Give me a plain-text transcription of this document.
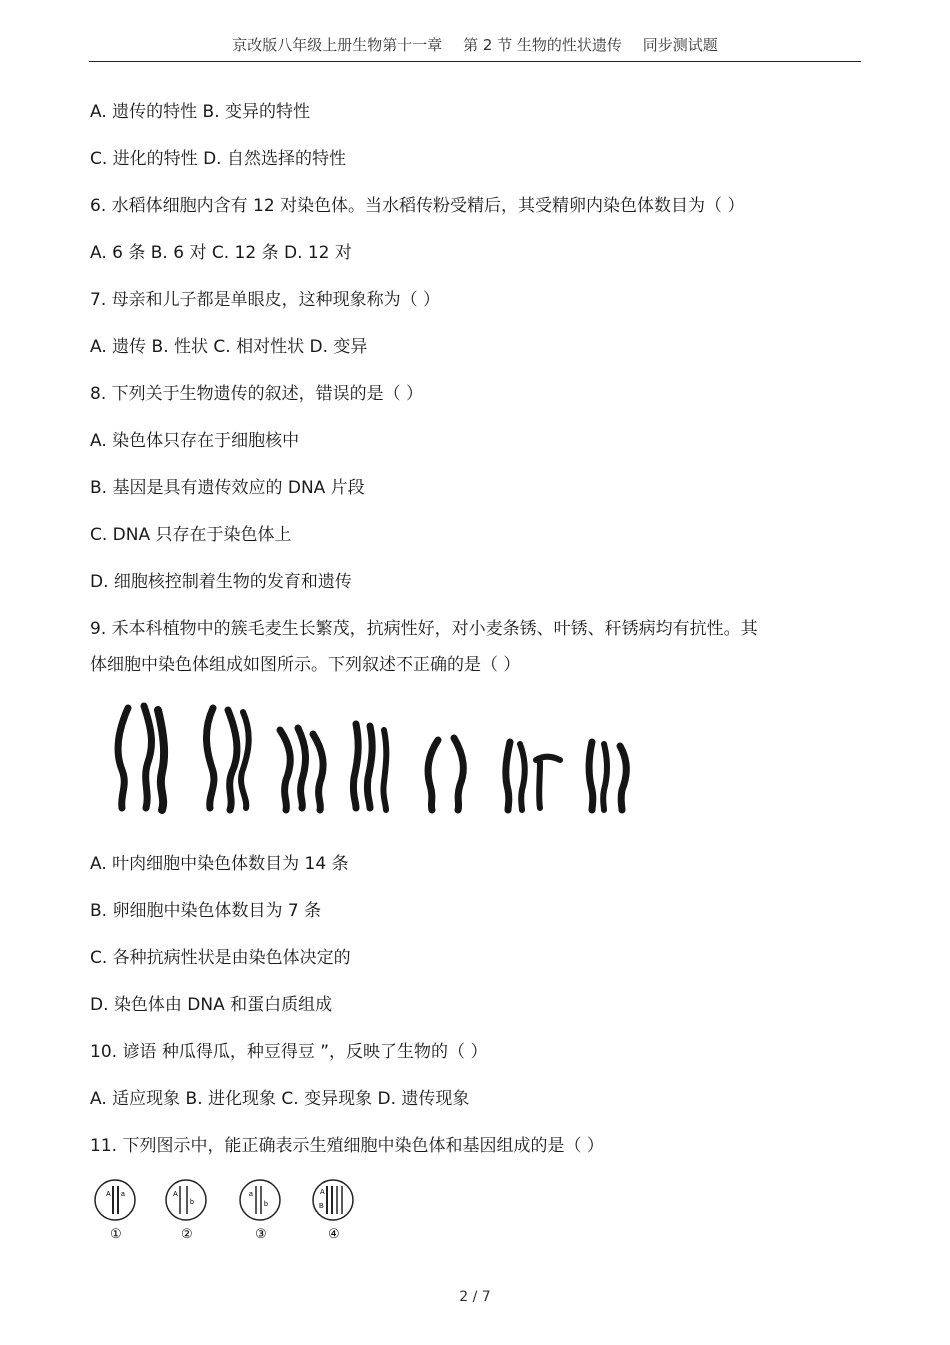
京改版八年级上册生物第十一章 第 2 节 生物的性状遗传 同步测试题
A. 遗传的特性 B. 变异的特性
C. 进化的特性 D. 自然选择的特性
6. 水稻体细胞内含有 12 对染色体。当水稻传粉受精后，其受精卵内染色体数目为（ ）
A. 6 条 B. 6 对 C. 12 条 D. 12 对
7. 母亲和儿子都是单眼皮，这种现象称为（ ）
A. 遗传 B. 性状 C. 相对性状 D. 变异
8. 下列关于生物遗传的叙述，错误的是（ ）
A. 染色体只存在于细胞核中
B. 基因是具有遗传效应的 DNA 片段
C. DNA 只存在于染色体上
D. 细胞核控制着生物的发育和遗传
9. 禾本科植物中的簇毛麦生长繁茂，抗病性好，对小麦条锈、叶锈、秆锈病均有抗性。其
体细胞中染色体组成如图所示。下列叙述不正确的是（ ）
A. 叶肉细胞中染色体数目为 14 条
B. 卵细胞中染色体数目为 7 条
C. 各种抗病性状是由染色体决定的
D. 染色体由 DNA 和蛋白质组成
10. 谚语 种瓜得瓜，种豆得豆 ”，反映了生物的（ ）
A. 适应现象 B. 进化现象 C. 变异现象 D. 遗传现象
11. 下列图示中，能正确表示生殖细胞中染色体和基因组成的是（ ）
A a
①
A
b
②
a
b
③
A
B
④
2 / 7
